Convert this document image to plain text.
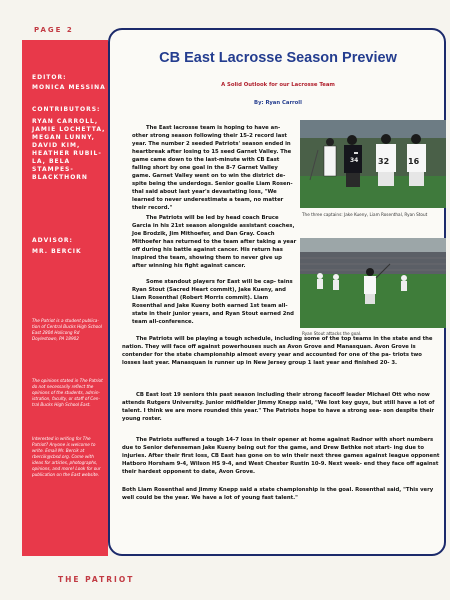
PAGE 2
EDITOR:
MONICA MESSINA
CONTRIBUTORS:
RYAN CARROLL,
JAMIE LOCHETTA,
MEGAN LUNNY,
DAVID KIM,
HEATHER RUBIL-
LA, BELA
STAMPES-
BLACKTHORN
ADVISOR:
MR. BERCIK
The Patriot is a student publica- tion of Central Bucks High School East 2804 Holicong Rd Doylestown, PA 18902
The opinions stated in The Patriot do not necessarily reflect the opinions of the students, admin- istration, faculty, or staff of Cen- tral Bucks High School East.
Interested in writing for The Patriot? Anyone is welcome to write. Email Mr. Bercik at rbercik@cbsd.org. Come with ideas for articles, photographs, opinions, and more! Look for our publication on the East website.
CB East Lacrosse Season Preview
A Solid Outlook for our Lacrosse Team
By: Ryan Carroll

The East lacrosse team is hoping to have an- other strong season following their 15-2 record last year. The number 2 seeded Patriots' season ended in heartbreak after losing to 15 seed Garnet Valley. The game came down to the last-minute with CB East falling short by one goal in the 8-7 Garnet Valley game. Garnet Valley went on to win the district de- spite being the underdogs. Senior goalie Liam Rosen- thal said about last year's devastating loss, "We learned to never underestimate a team, no matter their record."

The Patriots will be led by head coach Bruce Garcia in his 21st season alongside assistant coaches, Joe Brodzik, Jim Mithoefer, and Dan Gray. Coach Mithoefer has returned to the team after taking a year off during his battle against cancer. His return has inspired the team, showing them to never give up after winning his fight against cancer.

Some standout players for East will be cap- tains Ryan Stout (Sacred Heart commit), Jake Kueny, and Liam Rosenthal (Robert Morris commit). Liam Rosenthal and Jake Kueny both earned 1st team all- state in their junior years, and Ryan Stout earned 2nd team all-conference.

The Patriots will be playing a tough schedule, including some of the top teams in the state and the nation. They will face off against powerhouses such as Avon Grove and Manasquan. Avon Grove is contender for the state championship almost every year and accounted for one of the pa- triots two losses last year. Manasquan is runner up in New Jersey group 1 last year and finished 20- 3.

CB East lost 19 seniors this past season including their strong faceoff leader Michael Ott who now attends Rutgers University. Junior midfielder Jimmy Knepp said, "We lost key guys, but still have a lot of talent. I think we are more rounded this year." The Patriots hope to have a strong sea- son despite their young roster.

The Patriots suffered a tough 14-7 loss in their opener at home against Radnor with short numbers due to Senior defenseman Jake Kueny being out for the game, and Drew Bethke not start- ing due to injuries. After their first loss, CB East has gone on to win their next three games against league opponent Hatboro Horsham 9-4, Wilson HS 9-4, and West Chester Rustin 10-9. Next week- end they face off against their hardest opponent to date, Avon Grove.

Both Liam Rosenthal and Jimmy Knepp said a state championship is the goal. Rosenthal said, "This very well could be the year. We have a lot of young fast talent."

32 16
34
The three captains: Jake Kueny, Liam Rosenthal, Ryan Stout
Ryan Stout attacks the goal.
THE PATRIOT
